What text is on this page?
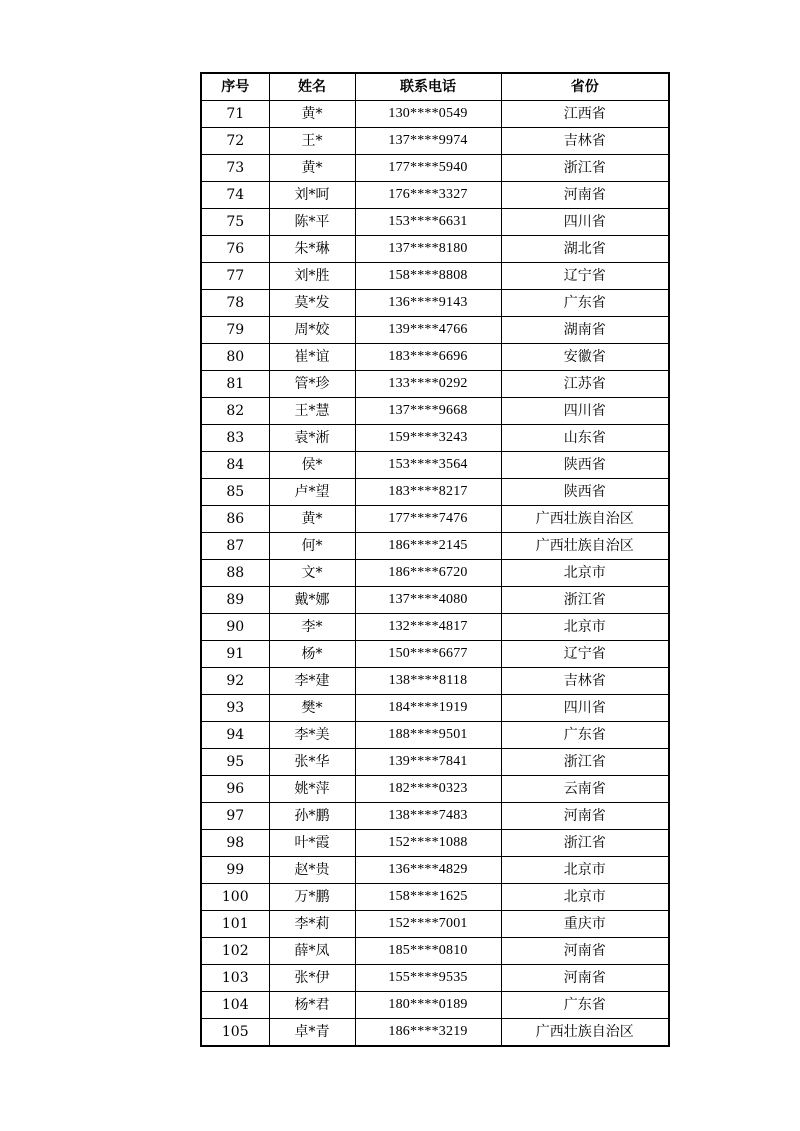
序号	姓名	联系电话	省份
71	黄*	130****0549	江西省
72	王*	137****9974	吉林省
73	黄*	177****5940	浙江省
74	刘*呵	176****3327	河南省
75	陈*平	153****6631	四川省
76	朱*琳	137****8180	湖北省
77	刘*胜	158****8808	辽宁省
78	莫*发	136****9143	广东省
79	周*姣	139****4766	湖南省
80	崔*谊	183****6696	安徽省
81	管*珍	133****0292	江苏省
82	王*慧	137****9668	四川省
83	袁*淅	159****3243	山东省
84	侯*	153****3564	陕西省
85	卢*望	183****8217	陕西省
86	黄*	177****7476	广西壮族自治区
87	何*	186****2145	广西壮族自治区
88	文*	186****6720	北京市
89	戴*娜	137****4080	浙江省
90	李*	132****4817	北京市
91	杨*	150****6677	辽宁省
92	李*建	138****8118	吉林省
93	樊*	184****1919	四川省
94	李*美	188****9501	广东省
95	张*华	139****7841	浙江省
96	姚*萍	182****0323	云南省
97	孙*鹏	138****7483	河南省
98	叶*霞	152****1088	浙江省
99	赵*贵	136****4829	北京市
100	万*鹏	158****1625	北京市
101	李*莉	152****7001	重庆市
102	薛*凤	185****0810	河南省
103	张*伊	155****9535	河南省
104	杨*君	180****0189	广东省
105	卓*青	186****3219	广西壮族自治区
